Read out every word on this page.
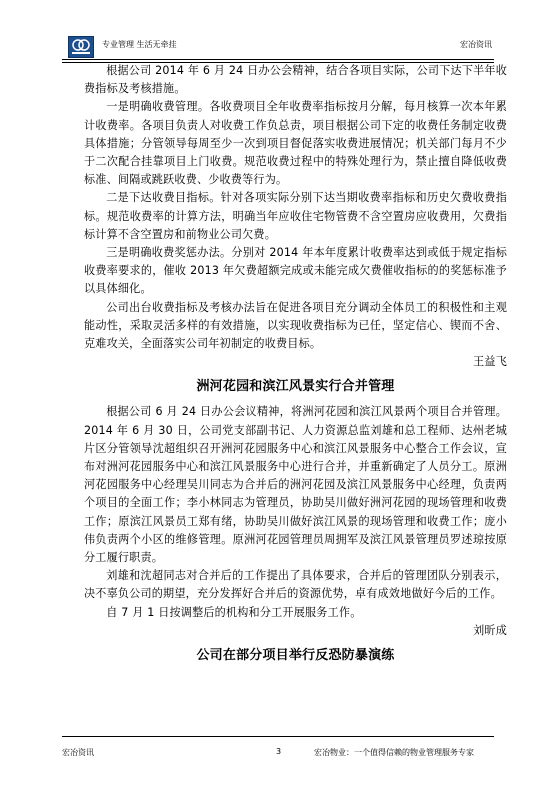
专业管理 生活无牵挂	宏冶资讯

根据公司 2014 年 6 月 24 日办公会精神，结合各项目实际，公司下达下半年收费指标及考核措施。

一是明确收费管理。各收费项目全年收费率指标按月分解，每月核算一次本年累计收费率。各项目负责人对收费工作负总责，项目根据公司下定的收费任务制定收费具体措施；分管领导每周至少一次到项目督促落实收费进展情况；机关部门每月不少于二次配合挂靠项目上门收费。规范收费过程中的特殊处理行为，禁止擅自降低收费标准、间隔或跳跃收费、少收费等行为。

二是下达收费目指标。针对各项实际分别下达当期收费率指标和历史欠费收费指标。规范收费率的计算方法，明确当年应收住宅物管费不含空置房应收费用，欠费指标计算不含空置房和前物业公司欠费。

三是明确收费奖惩办法。分别对 2014 年本年度累计收费率达到或低于规定指标收费率要求的，催收 2013 年欠费超额完成或未能完成欠费催收指标的的奖惩标准予以具体细化。

公司出台收费指标及考核办法旨在促进各项目充分调动全体员工的积极性和主观能动性，采取灵活多样的有效措施，以实现收费指标为已任，坚定信心、锲而不舍、克难攻关，全面落实公司年初制定的收费目标。

王益飞

洲河花园和滨江风景实行合并管理

根据公司 6 月 24 日办公会议精神，将洲河花园和滨江风景两个项目合并管理。2014 年 6 月 30 日，公司党支部副书记、人力资源总监刘雄和总工程师、达州老城片区分管领导沈超组织召开洲河花园服务中心和滨江风景服务中心整合工作会议，宣布对洲河花园服务中心和滨江风景服务中心进行合并，并重新确定了人员分工。原洲河花园服务中心经理吴川同志为合并后的洲河花园及滨江风景服务中心经理，负责两个项目的全面工作；李小林同志为管理员，协助吴川做好洲河花园的现场管理和收费工作；原滨江风景员工郑有绪，协助吴川做好滨江风景的现场管理和收费工作；庞小伟负责两个小区的维修管理。原洲河花园管理员周拥军及滨江风景管理员罗述琼按原分工履行职责。

刘雄和沈超同志对合并后的工作提出了具体要求，合并后的管理团队分别表示，决不辜负公司的期望，充分发挥好合并后的资源优势，卓有成效地做好今后的工作。

自 7 月 1 日按调整后的机构和分工开展服务工作。

刘昕成

公司在部分项目举行反恐防暴演练

宏冶资讯	3	宏冶物业：一个值得信赖的物业管理服务专家
